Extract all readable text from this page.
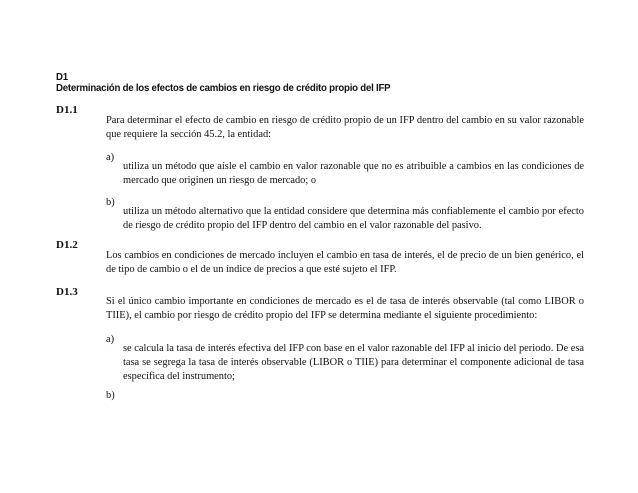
D1
Determinación de los efectos de cambios en riesgo de crédito propio del IFP
D1.1
Para determinar el efecto de cambio en riesgo de crédito propio de un IFP dentro del cambio en su valor razonable que requiere la sección 45.2, la entidad:
a)
utiliza un método que aísle el cambio en valor razonable que no es atribuible a cambios en las condiciones de mercado que originen un riesgo de mercado; o
b)
utiliza un método alternativo que la entidad considere que determina más confiablemente el cambio por efecto de riesgo de crédito propio del IFP dentro del cambio en el valor razonable del pasivo.
D1.2
Los cambios en condiciones de mercado incluyen el cambio en tasa de interés, el de precio de un bien genérico, el de tipo de cambio o el de un índice de precios a que esté sujeto el IFP.
D1.3
Si el único cambio importante en condiciones de mercado es el de tasa de interés observable (tal como LIBOR o TIIE), el cambio por riesgo de crédito propio del IFP se determina mediante el siguiente procedimiento:
a)
se calcula la tasa de interés efectiva del IFP con base en el valor razonable del IFP al inicio del periodo. De esa tasa se segrega la tasa de interés observable (LIBOR o TIIE) para determinar el componente adicional de tasa específica del instrumento;
b)
